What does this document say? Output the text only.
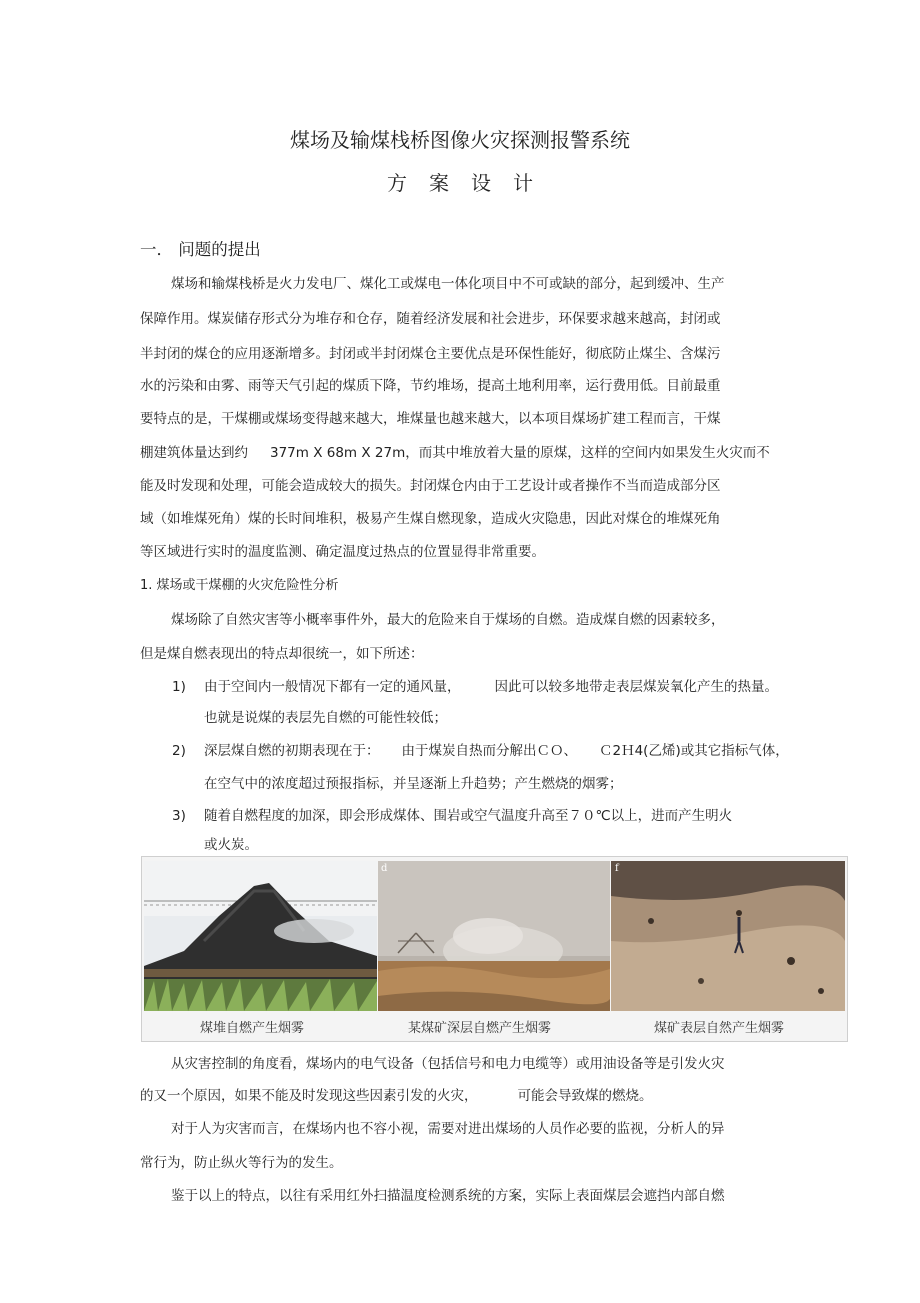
煤场及输煤栈桥图像火灾探测报警系统
方案设计
一． 问题的提出
煤场和输煤栈桥是火力发电厂、煤化工或煤电一体化项目中不可或缺的部分，起到缓冲、生产
保障作用。煤炭储存形式分为堆存和仓存，随着经济发展和社会进步，环保要求越来越高，封闭或
半封闭的煤仓的应用逐渐增多。封闭或半封闭煤仓主要优点是环保性能好，彻底防止煤尘、含煤污
水的污染和由雾、雨等天气引起的煤质下降，节约堆场，提高土地利用率，运行费用低。目前最重
要特点的是，干煤棚或煤场变得越来越大，堆煤量也越来越大，以本项目煤场扩建工程而言，干煤
棚建筑体量达到约 377m X 68m X 27m，而其中堆放着大量的原煤，这样的空间内如果发生火灾而不
能及时发现和处理，可能会造成较大的损失。封闭煤仓内由于工艺设计或者操作不当而造成部分区
域（如堆煤死角）煤的长时间堆积，极易产生煤自燃现象，造成火灾隐患，因此对煤仓的堆煤死角
等区域进行实时的温度监测、确定温度过热点的位置显得非常重要。
1. 煤场或干煤棚的火灾危险性分析
煤场除了自然灾害等小概率事件外，最大的危险来自于煤场的自燃。造成煤自燃的因素较多，
但是煤自燃表现出的特点却很统一，如下所述：
1) 由于空间内一般情况下都有一定的通风量，	因此可以较多地带走表层煤炭氧化产生的热量。
也就是说煤的表层先自燃的可能性较低；
2) 深层煤自燃的初期表现在于： 由于煤炭自热而分解出ＣＯ、 Ｃ2Ｈ4(乙烯)或其它指标气体，
在空气中的浓度超过预报指标，并呈逐渐上升趋势；产生燃烧的烟雾；
3) 随着自燃程度的加深，即会形成煤体、围岩或空气温度升高至７０℃以上，进而产生明火
或火炭。
d	f
煤堆自燃产生烟雾	某煤矿深层自燃产生烟雾	煤矿表层自然产生烟雾
从灾害控制的角度看，煤场内的电气设备（包括信号和电力电缆等）或用油设备等是引发火灾
的又一个原因，如果不能及时发现这些因素引发的火灾，	可能会导致煤的燃烧。
对于人为灾害而言，在煤场内也不容小视，需要对进出煤场的人员作必要的监视，分析人的异
常行为，防止纵火等行为的发生。
鉴于以上的特点，以往有采用红外扫描温度检测系统的方案，实际上表面煤层会遮挡内部自燃
